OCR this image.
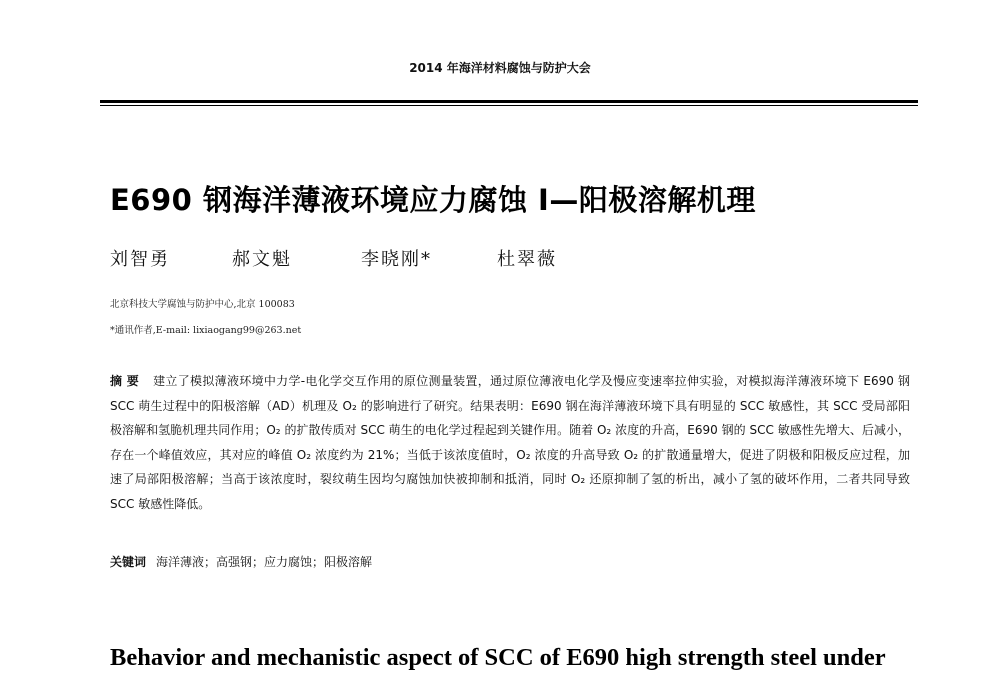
2014 年海洋材料腐蚀与防护大会
E690 钢海洋薄液环境应力腐蚀 I—阳极溶解机理
刘智勇	郝文魁	李晓刚*	杜翠薇
北京科技大学腐蚀与防护中心,北京 100083
*通讯作者,E-mail: lixiaogang99@263.net
摘 要 建立了模拟薄液环境中力学-电化学交互作用的原位测量装置，通过原位薄液电化学及慢应变速率拉伸实验，对模拟海洋薄液环境下 E690 钢 SCC 萌生过程中的阳极溶解（AD）机理及 O₂ 的影响进行了研究。结果表明：E690 钢在海洋薄液环境下具有明显的 SCC 敏感性，其 SCC 受局部阳极溶解和氢脆机理共同作用；O₂ 的扩散传质对 SCC 萌生的电化学过程起到关键作用。随着 O₂ 浓度的升高，E690 钢的 SCC 敏感性先增大、后减小，存在一个峰值效应，其对应的峰值 O₂ 浓度约为 21%；当低于该浓度值时，O₂ 浓度的升高导致 O₂ 的扩散通量增大，促进了阴极和阳极反应过程，加速了局部阳极溶解；当高于该浓度时，裂纹萌生因均匀腐蚀加快被抑制和抵消，同时 O₂ 还原抑制了氢的析出，减小了氢的破坏作用，二者共同导致 SCC 敏感性降低。
关键词 海洋薄液；高强钢；应力腐蚀；阳极溶解
Behavior and mechanistic aspect of SCC of E690 high strength steel under
